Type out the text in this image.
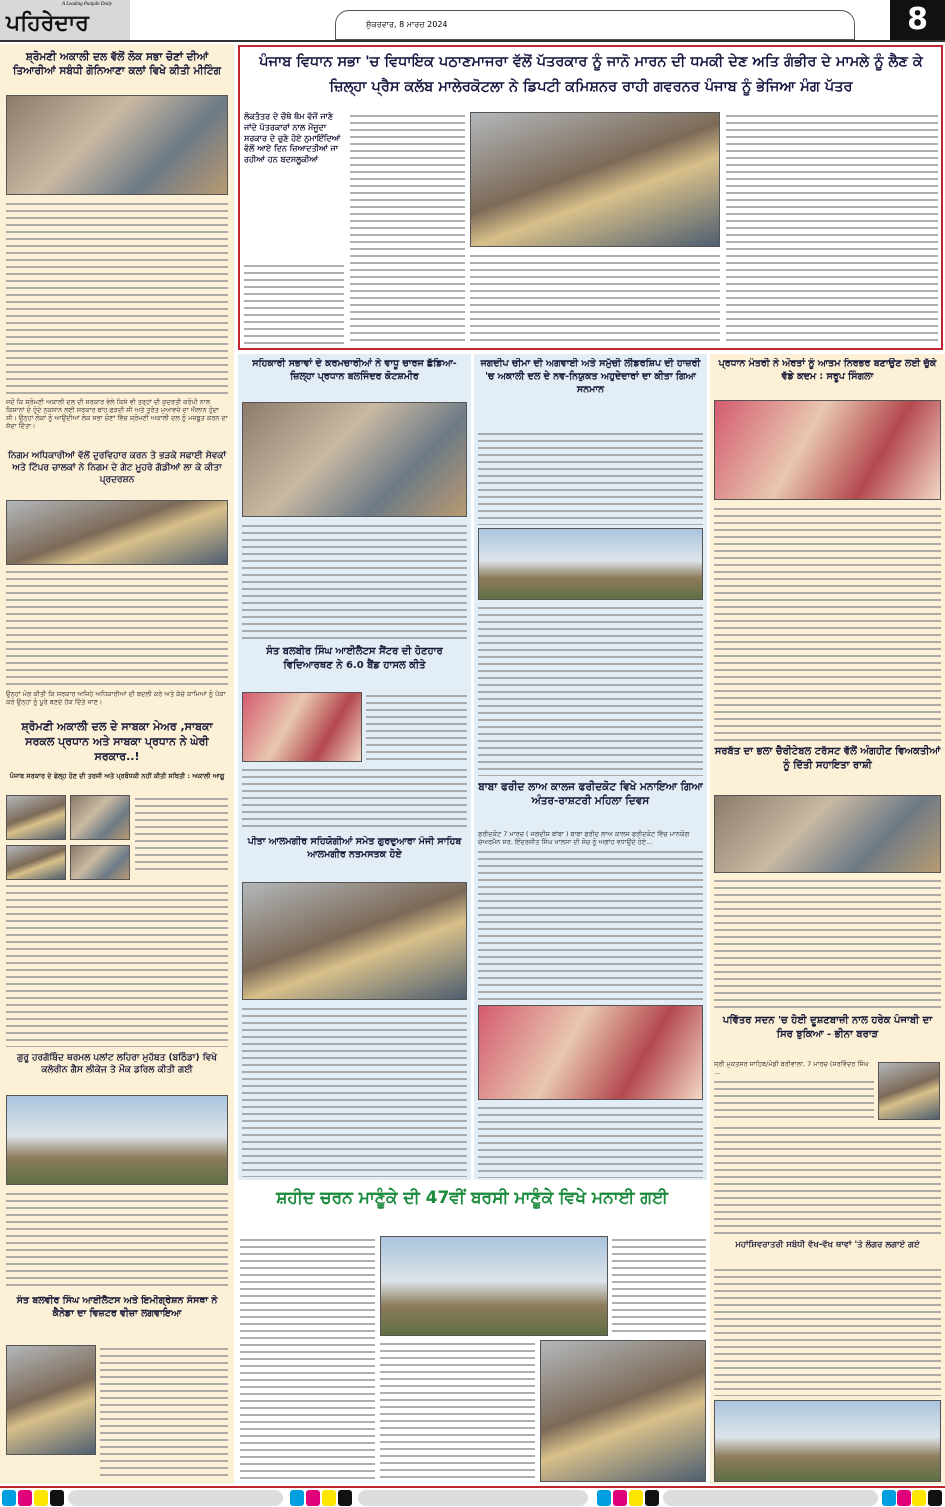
A Leading Punjabi Daily
ਪਹਿਰੇਦਾਰ	ਸ਼ੁੱਕਰਵਾਰ, 8 ਮਾਰਚ 2024	8
ਸ਼੍ਰੋਮਣੀ ਅਕਾਲੀ ਦਲ ਵੱਲੋਂ ਲੋਕ ਸਭਾ ਚੋਣਾਂ ਦੀਆਂ ਤਿਆਰੀਆਂ ਸਬੰਧੀ ਗੋਨਿਆਣਾ ਕਲਾਂ ਵਿਖੇ ਕੀਤੀ ਮੀਟਿੰਗ
ਜਦੋਂ ਕਿ ਸ਼੍ਰੋਮਣੀ ਅਕਾਲੀ ਦਲ ਦੀ ਸਰਕਾਰ ਵੇਲੇ ਕਿਸੇ ਵੀ ਤਰ੍ਹਾਂ ਦੀ ਕੁਦਰਤੀ ਕਰੋਪੀ ਨਾਲ ਕਿਸਾਨਾਂ ਦੇ ਹੁੰਦੇ ਨੁਕਸਾਨ ਲਈ ਸਰਕਾਰ ਬਾਂਹ ਫੜਦੀ ਸੀ ਅਤੇ ਤੁਰੰਤ ਮੁਆਵਜ਼ੇ ਦਾ ਐਲਾਨ ਹੁੰਦਾ ਸੀ। ਉਨ੍ਹਾਂ ਲੋਕਾਂ ਨੂੰ ਆਉਂਦੀਆਂ ਲੋਕ ਸਭਾ ਚੋਣਾਂ ਵਿੱਚ ਸ਼੍ਰੋਮਣੀ ਅਕਾਲੀ ਦਲ ਨੂੰ ਮਜ਼ਬੂਤ ਕਰਨ ਦਾ ਸੱਦਾ ਦਿੱਤਾ।
ਨਿਗਮ ਅਧਿਕਾਰੀਆਂ ਵੱਲੋਂ ਦੁਰਵਿਹਾਰ ਕਰਨ ਤੇ ਭੜਕੇ ਸਫਾਈ ਸੇਵਕਾਂ ਅਤੇ ਟਿੱਪਰ ਚਾਲਕਾਂ ਨੇ ਨਿਗਮ ਦੇ ਗੇਟ ਮੂਹਰੇ ਗੱਡੀਆਂ ਲਾ ਕੇ ਕੀਤਾ ਪ੍ਰਦਰਸ਼ਨ
ਉਨ੍ਹਾਂ ਮੰਗ ਕੀਤੀ ਕਿ ਸਰਕਾਰ ਅਜਿਹੇ ਅਧਿਕਾਰੀਆਂ ਦੀ ਬਦਲੀ ਕਰੇ ਅਤੇ ਕੱਚੇ ਕਾਮਿਆਂ ਨੂੰ ਪੱਕਾ ਕਰੇ ਉਨ੍ਹਾਂ ਨੂੰ ਪੂਰੇ ਬਣਦੇ ਹੱਕ ਦਿੱਤੇ ਜਾਣ।
ਸ਼੍ਰੋਮਣੀ ਅਕਾਲੀ ਦਲ ਦੇ ਸਾਬਕਾ ਮੇਅਰ ,ਸਾਬਕਾ ਸਰਕਲ ਪ੍ਰਧਾਨ ਅਤੇ ਸਾਬਕਾ ਪ੍ਰਧਾਨ ਨੇ ਘੇਰੀ ਸਰਕਾਰ..!
ਪੰਜਾਬ ਸਰਕਾਰ ਦੇ ਫੇਲ੍ਹ ਹੋਣ ਦੀ ਤਰਜੀ ਅਤੇ ਪ੍ਰਬੰਧਕੀ ਨਹੀਂ ਕੀਤੀ ਸਥਿਤੀ : ਅਕਾਲੀ ਆਗੂ
ਗੁਰੂ ਹਰਗੋਬਿੰਦ ਥਰਮਲ ਪਲਾਂਟ ਲਹਿਰਾ ਮੁਹੱਬਤ (ਬਠਿੰਡਾ) ਵਿਖੇ ਕਲੋਰੀਨ ਗੈਸ ਲੀਕੇਜ ਤੇ ਮੌਕ ਡਰਿਲ ਕੀਤੀ ਗਈ
ਸੰਤ ਬਲਵੀਰ ਸਿੰਘ ਆਈਲੈਟਸ ਅਤੇ ਇਮੀਗ੍ਰੇਸ਼ਨ ਸੰਸਥਾ ਨੇ ਕੈਨੇਡਾ ਦਾ ਵਿਜ਼ਟਰ ਵੀਜ਼ਾ ਲਗਵਾਇਆ
ਪੰਜਾਬ ਵਿਧਾਨ ਸਭਾ 'ਚ ਵਿਧਾਇਕ ਪਠਾਣਮਾਜਰਾ ਵੱਲੋਂ ਪੱਤਰਕਾਰ ਨੂੰ ਜਾਨੋ ਮਾਰਨ ਦੀ ਧਮਕੀ ਦੇਣ ਅਤਿ ਗੰਭੀਰ ਦੇ ਮਾਮਲੇ ਨੂੰ ਲੈਣ ਕੇ ਜ਼ਿਲ੍ਹਾ ਪ੍ਰੈਸ ਕਲੱਬ ਮਾਲੇਰਕੋਟਲਾ ਨੇ ਡਿਪਟੀ ਕਮਿਸ਼ਨਰ ਰਾਹੀ ਗਵਰਨਰ ਪੰਜਾਬ ਨੂੰ ਭੇਜਿਆ ਮੰਗ ਪੱਤਰ
ਲੋਕਤੰਤਰ ਦੇ ਚੌਥੇ ਥੰਮ ਵੱਜੋਂ ਜਾਣੇ ਜਾਂਦੇ ਪੱਤਰਕਾਰਾਂ ਨਾਲ ਮੌਜੂਦਾ ਸਰਕਾਰ ਦੇ ਚੁਣੇ ਹੋਏ ਨੁਮਾਇੰਦਿਆਂ ਵੱਲੋਂ ਆਏ ਦਿਨ ਜ਼ਿਆਦਤੀਆਂ ਜਾ ਰਹੀਆਂ ਹਨ ਬਦਸਲੂਕੀਆਂ
ਸਹਿਕਾਰੀ ਸਭਾਵਾਂ ਦੇ ਕਰਮਚਾਰੀਆਂ ਨੇ ਵਾਧੂ ਚਾਰਜ ਛੱਡਿਆ- ਜ਼ਿਲ੍ਹਾ ਪ੍ਰਧਾਨ ਬਲਜਿੰਦਰ ਕੋਟਸ਼ਮੀਰ
ਸੰਤ ਬਲਬੀਰ ਸਿੰਘ ਆਈਲੈਟਸ ਸੈਂਟਰ ਦੀ ਹੋਣਹਾਰ ਵਿਦਿਆਰਥਣ ਨੇ 6.0 ਬੈਂਡ ਹਾਸਲ ਕੀਤੇ
ਪੀਤਾ ਆਲਮਗੀਰ ਸਹਿਯੋਗੀਆਂ ਸਮੇਤ ਗੁਰਦੁਆਰਾ ਮੰਜੀ ਸਾਹਿਬ ਆਲਮਗੀਰ ਨਤਮਸਤਕ ਹੋਏ
ਜਗਦੀਪ ਚੀਮਾ ਦੀ ਅਗਵਾਈ ਅਤੇ ਸਮੁੱਚੀ ਲੀਡਰਸ਼ਿਪ ਦੀ ਹਾਜ਼ਰੀ 'ਚ ਅਕਾਲੀ ਦਲ ਦੇ ਨਵ-ਨਿਯੁਕਤ ਅਹੁਦੇਦਾਰਾਂ ਦਾ ਕੀਤਾ ਗਿਆ ਸਨਮਾਨ
ਬਾਬਾ ਫਰੀਦ ਲਾਅ ਕਾਲਜ ਫਰੀਦਕੋਟ ਵਿਖੇ ਮਨਾਇਆ ਗਿਆ ਅੰਤਰ-ਰਾਸ਼ਟਰੀ ਮਹਿਲਾ ਦਿਵਸ
ਫਰੀਦਕੋਟ 7 ਮਾਰਚ ( ਜਗਦੀਸ਼ ਬਾਂਬਾ ) ਬਾਬਾ ਫਰੀਦ ਲਾਅ ਕਾਲਜ ਫਰੀਦਕੋਟ ਵਿੱਚ ਮਾਨਯੋਗ ਚੇਅਰਮੈਨ ਸਰ. ਇੰਦਰਜੀਤ ਸਿੰਘ ਖਾਲਸਾ ਦੀ ਸੋਚ ਨੂੰ ਅਗਾਂਹ ਵਧਾਉਂਦੇ ਹੋਏ...
ਪ੍ਰਧਾਨ ਮੰਤਰੀ ਨੇ ਔਰਤਾਂ ਨੂੰ ਆਤਮ ਨਿਰਭਰ ਬਣਾਉਣ ਲਈ ਚੁੱਕੇ ਵੱਡੇ ਕਦਮ : ਸਰੂਪ ਸਿੰਗਲਾ
ਸਰਬੱਤ ਦਾ ਭਲਾ ਚੈਰੀਟੇਬਲ ਟਰੱਸਟ ਵੱਲੋਂ ਅੰਗਹੀਣ ਵਿਅਕਤੀਆਂ ਨੂੰ ਦਿੱਤੀ ਸਹਾਇਤਾ ਰਾਸ਼ੀ
ਪਵਿੱਤਰ ਸਦਨ 'ਚ ਹੋਈ ਦੂਸ਼ਣਬਾਜ਼ੀ ਨਾਲ ਹਰੇਕ ਪੰਜਾਬੀ ਦਾ ਸਿਰ ਝੁਕਿਆ - ਭੀਨਾ ਬਰਾੜ
ਸ੍ਰੀ ਮੁਕਤਸਰ ਸਾਹਿਬ/ਮੰਡੀ ਬਰੀਵਾਲਾ, 7 ਮਾਰਚ (ਸਰਵਿੰਦਰ ਸਿੰਘ ...
ਮਹਾਂਸ਼ਿਵਰਾਤਰੀ ਸਬੰਧੀ ਵੱਖ-ਵੱਖ ਥਾਵਾਂ 'ਤੇ ਲੰਗਰ ਲਗਾਏ ਗਏ
ਸ਼ਹੀਦ ਚਰਨ ਮਾਣੂੰਕੇ ਦੀ 47ਵੀਂ ਬਰਸੀ ਮਾਣੂੰਕੇ ਵਿਖੇ ਮਨਾਈ ਗਈ
